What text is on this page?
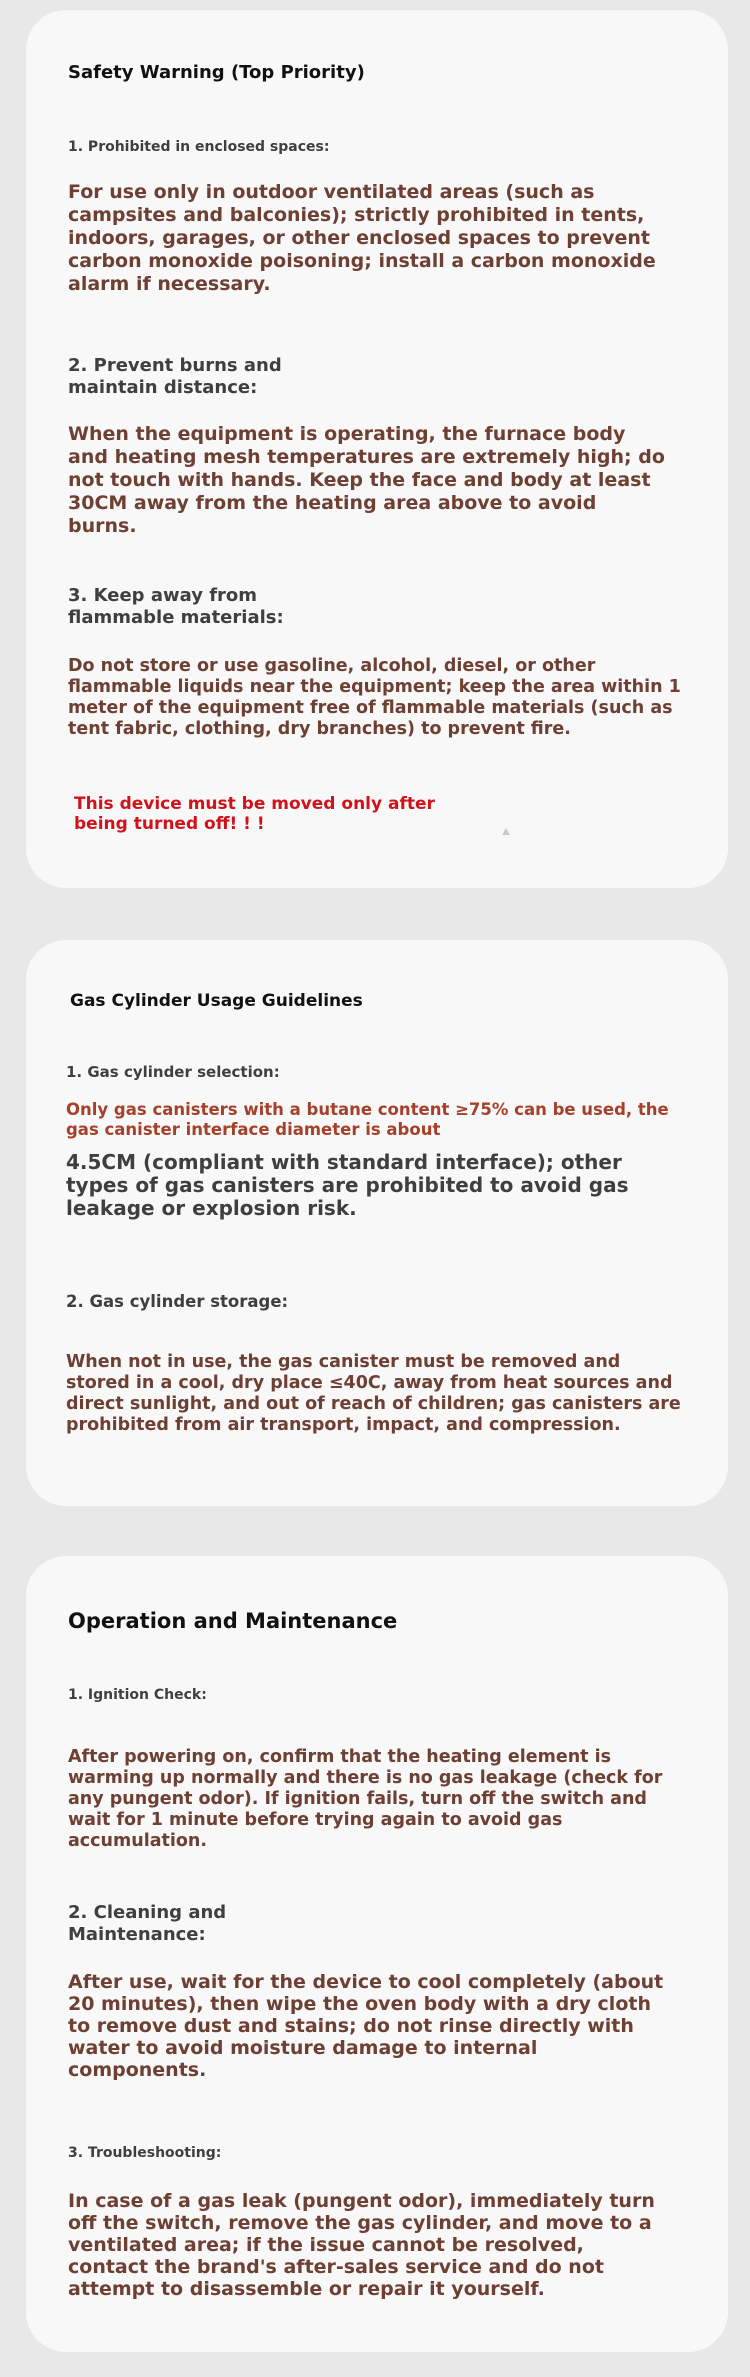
Safety Warning (Top Priority)
1. Prohibited in enclosed spaces:

For use only in outdoor ventilated areas (such as campsites and balconies); strictly prohibited in tents, indoors, garages, or other enclosed spaces to prevent carbon monoxide poisoning; install a carbon monoxide alarm if necessary.

2. Prevent burns and maintain distance:

When the equipment is operating, the furnace body and heating mesh temperatures are extremely high; do not touch with hands. Keep the face and body at least 30CM away from the heating area above to avoid burns.

3. Keep away from flammable materials:

Do not store or use gasoline, alcohol, diesel, or other flammable liquids near the equipment; keep the area within 1 meter of the equipment free of flammable materials (such as tent fabric, clothing, dry branches) to prevent fire.

This device must be moved only after being turned off! ! !
Gas Cylinder Usage Guidelines
1. Gas cylinder selection:

Only gas canisters with a butane content ≥75% can be used, the gas canister interface diameter is about

4.5CM (compliant with standard interface); other types of gas canisters are prohibited to avoid gas leakage or explosion risk.

2. Gas cylinder storage:

When not in use, the gas canister must be removed and stored in a cool, dry place ≤40C, away from heat sources and direct sunlight, and out of reach of children; gas canisters are prohibited from air transport, impact, and compression.

Operation and Maintenance
1. Ignition Check:

After powering on, confirm that the heating element is warming up normally and there is no gas leakage (check for any pungent odor). If ignition fails, turn off the switch and wait for 1 minute before trying again to avoid gas accumulation.

2. Cleaning and Maintenance:

After use, wait for the device to cool completely (about 20 minutes), then wipe the oven body with a dry cloth to remove dust and stains; do not rinse directly with water to avoid moisture damage to internal components.

3. Troubleshooting:

In case of a gas leak (pungent odor), immediately turn off the switch, remove the gas cylinder, and move to a ventilated area; if the issue cannot be resolved, contact the brand's after-sales service and do not attempt to disassemble or repair it yourself.
